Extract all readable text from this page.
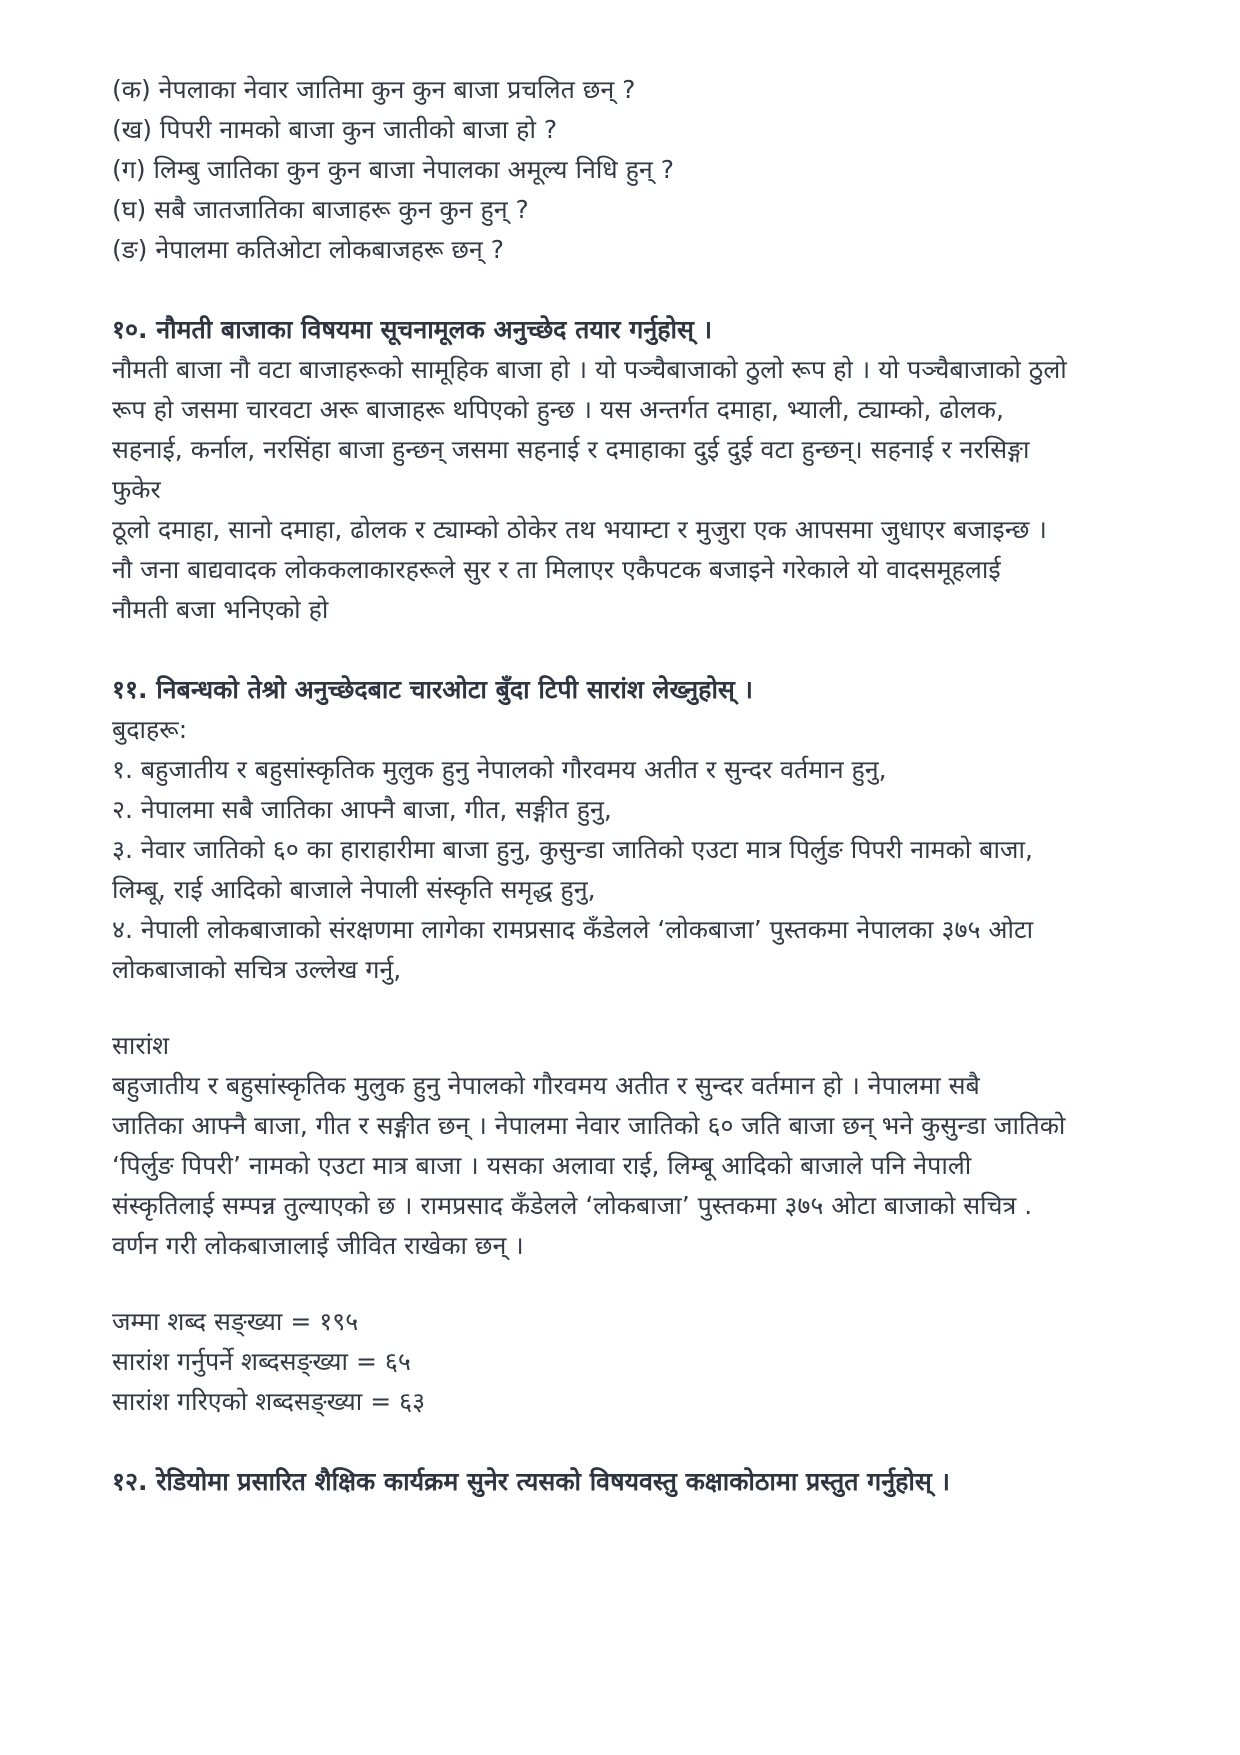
(क) नेपलाका नेवार जातिमा कुन कुन बाजा प्रचलित छन् ?

(ख) पिपरी नामको बाजा कुन जातीको बाजा हो ?

(ग) लिम्बु जातिका कुन कुन बाजा नेपालका अमूल्य निधि हुन् ?

(घ) सबै जातजातिका बाजाहरू कुन कुन हुन् ?

(ङ) नेपालमा कतिओटा लोकबाजहरू छन् ?

१०. नौमती बाजाका विषयमा सूचनामूलक अनुच्छेद तयार गर्नुहोस् ।

नौमती बाजा नौ वटा बाजाहरूको सामूहिक बाजा हो । यो पञ्चैबाजाको ठुलो रूप हो । यो पञ्चैबाजाको ठुलो

रूप हो जसमा चारवटा अरू बाजाहरू थपिएको हुन्छ । यस अन्तर्गत दमाहा, भ्याली, ट्याम्को, ढोलक,

सहनाई, कर्नाल, नरसिंहा बाजा हुन्छन् जसमा सहनाई र दमाहाका दुई दुई वटा हुन्छन्। सहनाई र नरसिङ्गा

फुकेर

ठूलो दमाहा, सानो दमाहा, ढोलक र ट्याम्को ठोकेर तथ भयाम्टा र मुजुरा एक आपसमा जुधाएर बजाइन्छ ।

नौ जना बाद्यवादक लोककलाकारहरूले सुर र ता मिलाएर एकैपटक बजाइने गरेकाले यो वादसमूहलाई

नौमती बजा भनिएको हो

११. निबन्धको तेश्रो अनुच्छेदबाट चारओटा बुँदा टिपी सारांश लेख्नुहोस् ।

बुदाहरू:

१. बहुजातीय र बहुसांस्कृतिक मुलुक हुनु नेपालको गौरवमय अतीत र सुन्दर वर्तमान हुनु,

२. नेपालमा सबै जातिका आफ्नै बाजा, गीत, सङ्गीत हुनु,

३. नेवार जातिको ६० का हाराहारीमा बाजा हुनु, कुसुन्डा जातिको एउटा मात्र पिर्लुङ पिपरी नामको बाजा,

लिम्बू, राई आदिको बाजाले नेपाली संस्कृति समृद्ध हुनु,

४. नेपाली लोकबाजाको संरक्षणमा लागेका रामप्रसाद कँडेलले ‘लोकबाजा’ पुस्तकमा नेपालका ३७५ ओटा

लोकबाजाको सचित्र उल्लेख गर्नु,

सारांश

बहुजातीय र बहुसांस्कृतिक मुलुक हुनु नेपालको गौरवमय अतीत र सुन्दर वर्तमान हो । नेपालमा सबै

जातिका आफ्नै बाजा, गीत र सङ्गीत छन् । नेपालमा नेवार जातिको ६० जति बाजा छन् भने कुसुन्डा जातिको

‘पिर्लुङ पिपरी’ नामको एउटा मात्र बाजा । यसका अलावा राई, लिम्बू आदिको बाजाले पनि नेपाली

संस्कृतिलाई सम्पन्न तुल्याएको छ । रामप्रसाद कँडेलले ‘लोकबाजा’ पुस्तकमा ३७५ ओटा बाजाको सचित्र .

वर्णन गरी लोकबाजालाई जीवित राखेका छन् ।

जम्मा शब्द सङ्ख्या = १९५

सारांश गर्नुपर्ने शब्दसङ्ख्या = ६५

सारांश गरिएको शब्दसङ्ख्या = ६३

१२. रेडियोमा प्रसारित शैक्षिक कार्यक्रम सुनेर त्यसको विषयवस्तु कक्षाकोठामा प्रस्तुत गर्नुहोस् ।
